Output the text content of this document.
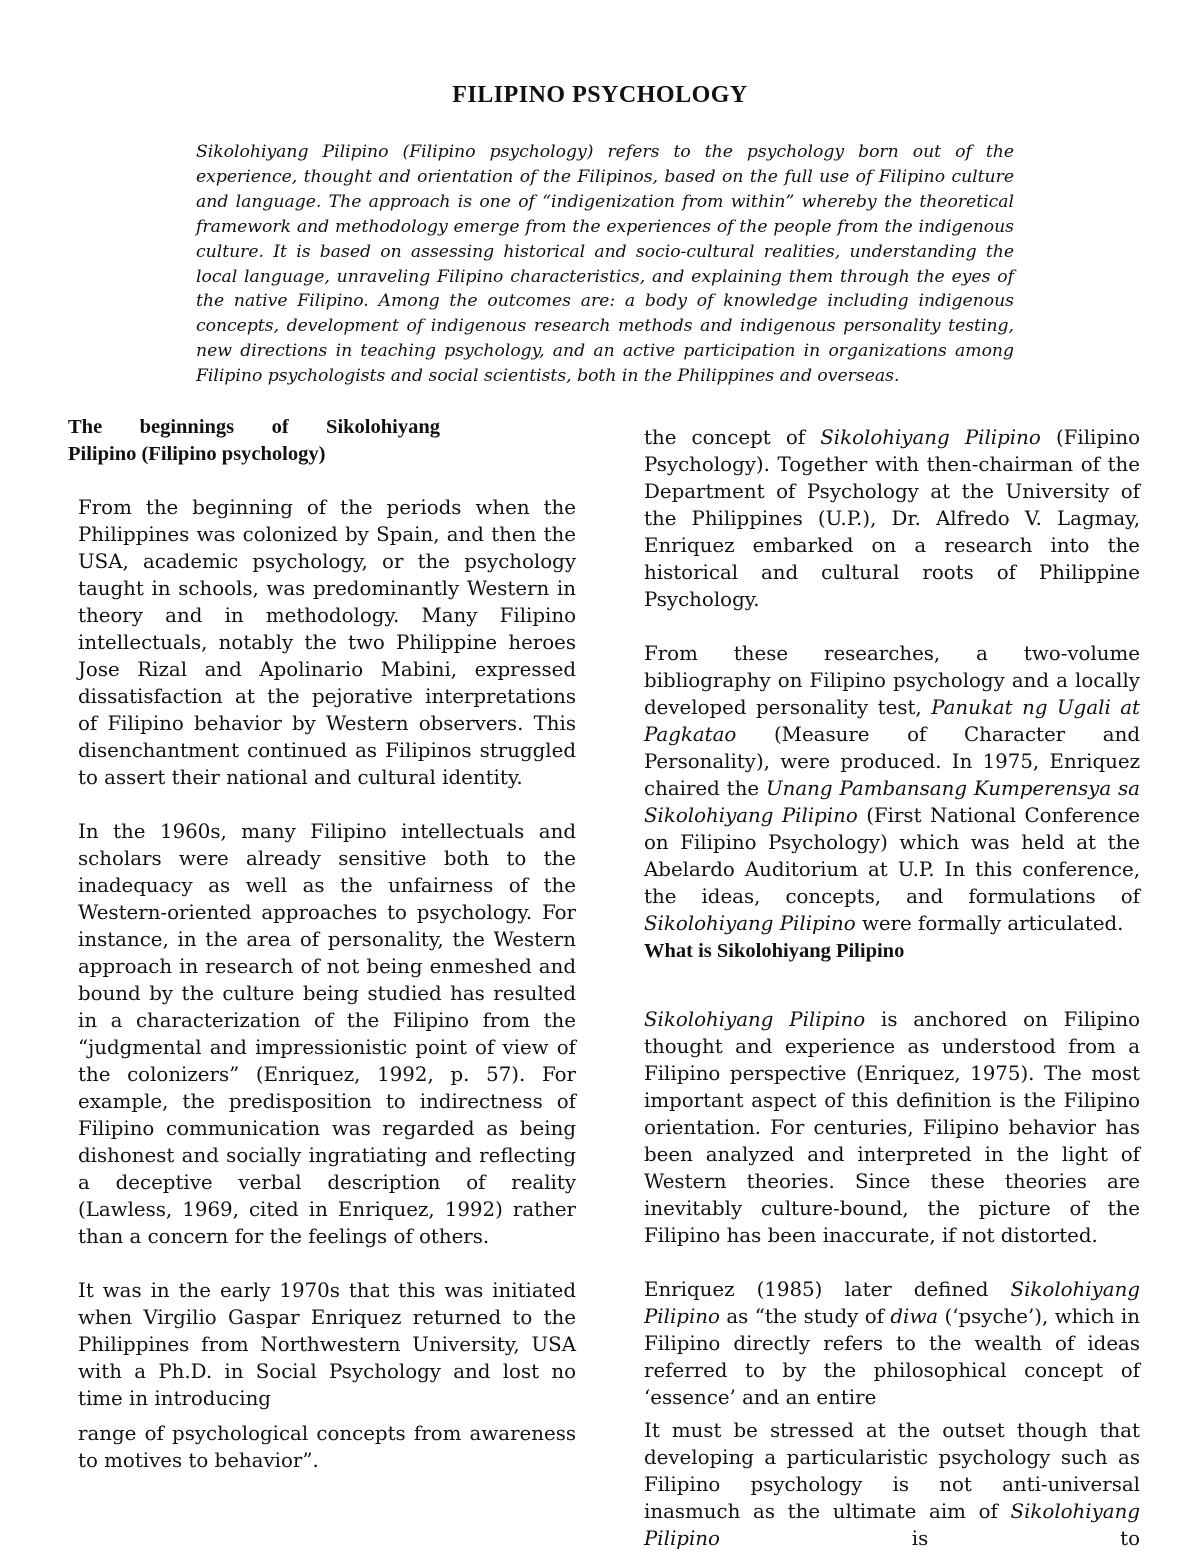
FILIPINO PSYCHOLOGY

Sikolohiyang Pilipino (Filipino psychology) refers to the psychology born out of the experience, thought and orientation of the Filipinos, based on the full use of Filipino culture and language. The approach is one of “indigenization from within” whereby the theoretical framework and methodology emerge from the experiences of the people from the indigenous culture. It is based on assessing historical and socio-cultural realities, understanding the local language, unraveling Filipino characteristics, and explaining them through the eyes of the native Filipino. Among the outcomes are: a body of knowledge including indigenous concepts, development of indigenous research methods and indigenous personality testing, new directions in teaching psychology, and an active participation in organizations among Filipino psychologists and social scientists, both in the Philippines and overseas.

The beginnings of Sikolohiyang
Pilipino (Filipino psychology)

From the beginning of the periods when the Philippines was colonized by Spain, and then the USA, academic psychology, or the psychology taught in schools, was predominantly Western in theory and in methodology. Many Filipino intellectuals, notably the two Philippine heroes Jose Rizal and Apolinario Mabini, expressed dissatisfaction at the pejorative interpretations of Filipino behavior by Western observers. This disenchantment continued as Filipinos struggled to assert their national and cultural identity.

In the 1960s, many Filipino intellectuals and scholars were already sensitive both to the inadequacy as well as the unfairness of the Western-oriented approaches to psychology. For instance, in the area of personality, the Western approach in research of not being enmeshed and bound by the culture being studied has resulted in a characterization of the Filipino from the “judgmental and impressionistic point of view of the colonizers” (Enriquez, 1992, p. 57). For example, the predisposition to indirectness of Filipino communication was regarded as being dishonest and socially ingratiating and reflecting a deceptive verbal description of reality (Lawless, 1969, cited in Enriquez, 1992) rather than a concern for the feelings of others.

It was in the early 1970s that this was initiated when Virgilio Gaspar Enriquez returned to the Philippines from Northwestern University, USA with a Ph.D. in Social Psychology and lost no time in introducing

range of psychological concepts from awareness to motives to behavior”.

the concept of Sikolohiyang Pilipino (Filipino Psychology). Together with then-chairman of the Department of Psychology at the University of the Philippines (U.P.), Dr. Alfredo V. Lagmay, Enriquez embarked on a research into the historical and cultural roots of Philippine Psychology.

From these researches, a two-volume bibliography on Filipino psychology and a locally developed personality test, Panukat ng Ugali at Pagkatao (Measure of Character and Personality), were produced. In 1975, Enriquez chaired the Unang Pambansang Kumperensya sa Sikolohiyang Pilipino (First National Conference on Filipino Psychology) which was held at the Abelardo Auditorium at U.P. In this conference, the ideas, concepts, and formulations of Sikolohiyang Pilipino were formally articulated.

What is Sikolohiyang Pilipino

Sikolohiyang Pilipino is anchored on Filipino thought and experience as understood from a Filipino perspective (Enriquez, 1975). The most important aspect of this definition is the Filipino orientation. For centuries, Filipino behavior has been analyzed and interpreted in the light of Western theories. Since these theories are inevitably culture-bound, the picture of the Filipino has been inaccurate, if not distorted.

Enriquez (1985) later defined Sikolohiyang Pilipino as “the study of diwa (‘psyche’), which in Filipino directly refers to the wealth of ideas referred to by the philosophical concept of ‘essence’ and an entire

It must be stressed at the outset though that developing a particularistic psychology such as Filipino psychology is not anti-universal inasmuch as the ultimate aim of Sikolohiyang Pilipino is to
